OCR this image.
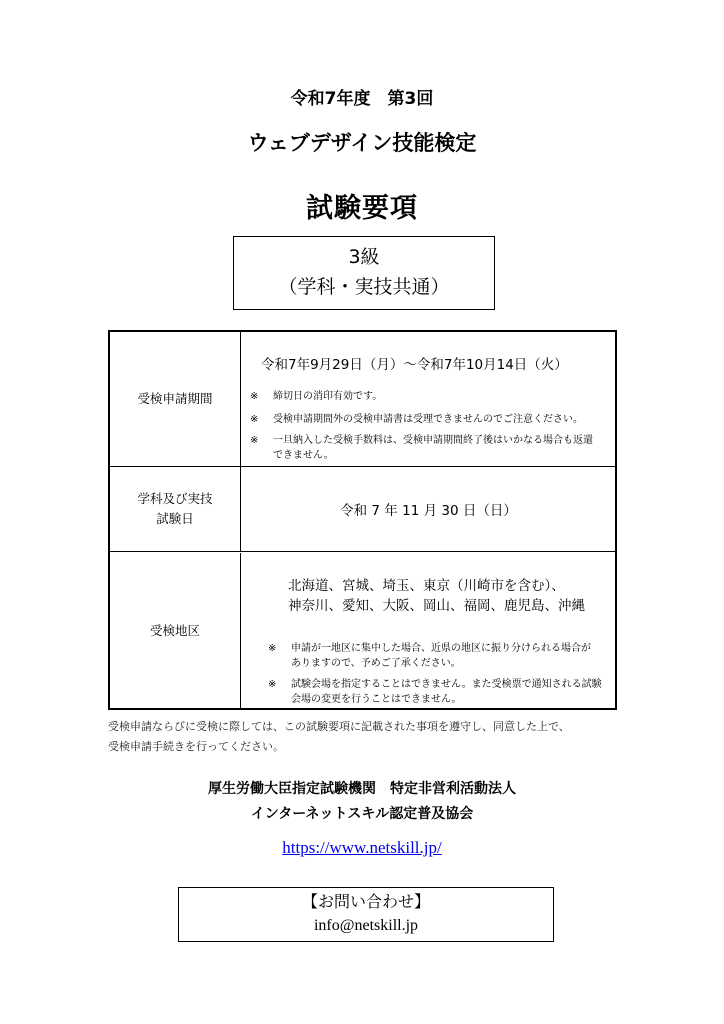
令和7年度　第3回
ウェブデザイン技能検定
試験要項
3級
（学科・実技共通）
受検申請期間
令和7年9月29日（月）～令和7年10月14日（火）
※ 締切日の消印有効です。
※ 受検申請期間外の受検申請書は受理できませんのでご注意ください。
※ 一旦納入した受検手数料は、受検申請期間終了後はいかなる場合も返還
できません。
学科及び実技
試験日	令和 7 年 11 月 30 日（日）
受検地区
北海道、宮城、埼玉、東京（川崎市を含む）、
神奈川、愛知、大阪、岡山、福岡、鹿児島、沖縄
※ 申請が一地区に集中した場合、近県の地区に振り分けられる場合が
ありますので、予めご了承ください。
※ 試験会場を指定することはできません。また受検票で通知される試験
会場の変更を行うことはできません。
受検申請ならびに受検に際しては、この試験要項に記載された事項を遵守し、同意した上で、
受検申請手続きを行ってください。
厚生労働大臣指定試験機関　特定非営利活動法人
インターネットスキル認定普及協会
https://www.netskill.jp/
【お問い合わせ】
info@netskill.jp
